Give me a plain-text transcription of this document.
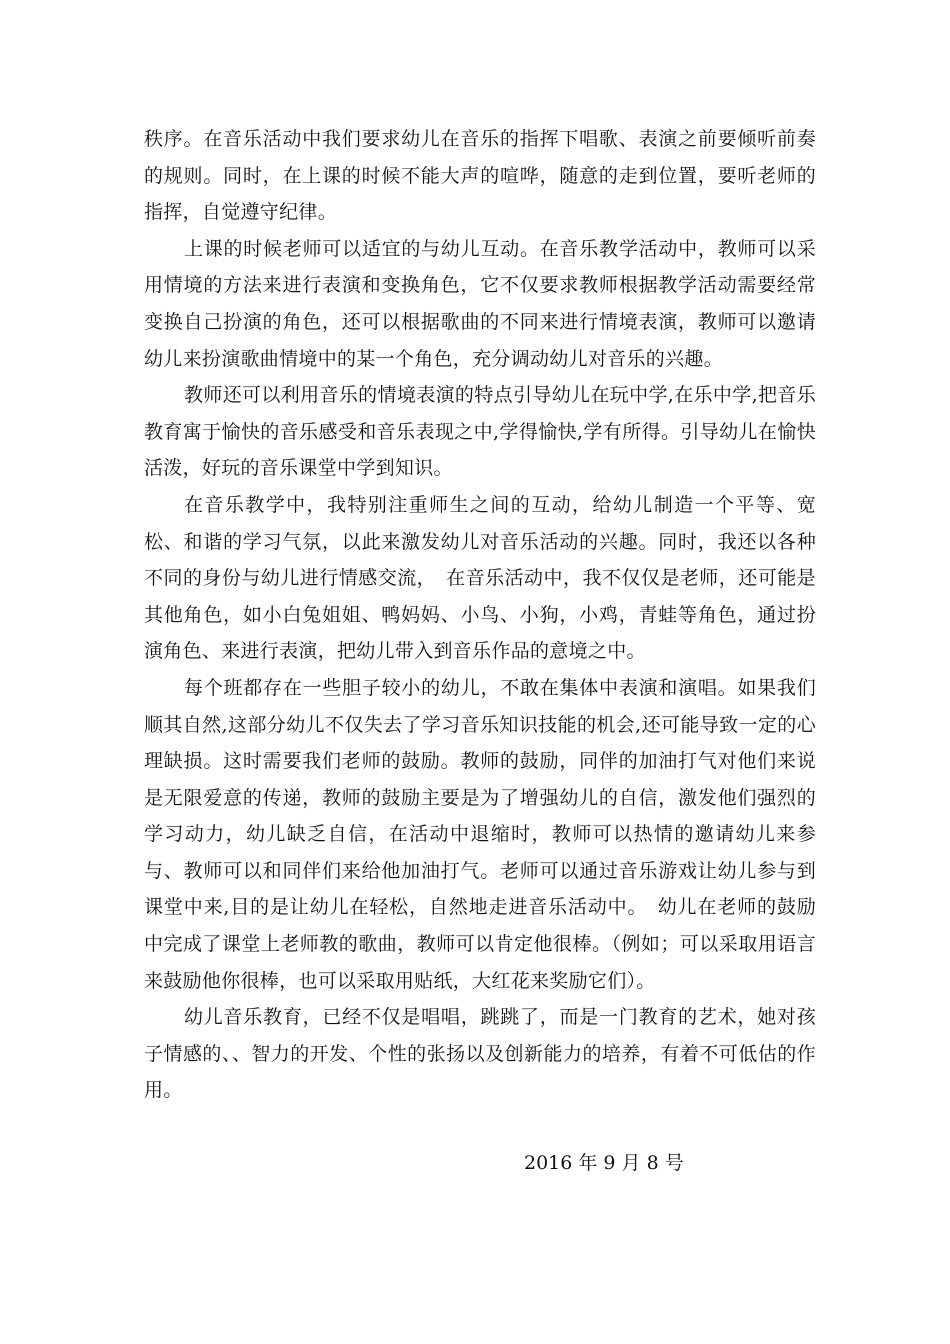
秩序。在音乐活动中我们要求幼儿在音乐的指挥下唱歌、表演之前要倾听前奏的规则。同时，在上课的时候不能大声的喧哗，随意的走到位置，要听老师的指挥，自觉遵守纪律。

上课的时候老师可以适宜的与幼儿互动。在音乐教学活动中，教师可以采用情境的方法来进行表演和变换角色，它不仅要求教师根据教学活动需要经常变换自己扮演的角色，还可以根据歌曲的不同来进行情境表演，教师可以邀请幼儿来扮演歌曲情境中的某一个角色，充分调动幼儿对音乐的兴趣。

教师还可以利用音乐的情境表演的特点引导幼儿在玩中学,在乐中学,把音乐教育寓于愉快的音乐感受和音乐表现之中,学得愉快,学有所得。引导幼儿在愉快活泼，好玩的音乐课堂中学到知识。

在音乐教学中，我特别注重师生之间的互动，给幼儿制造一个平等、宽松、和谐的学习气氛，以此来激发幼儿对音乐活动的兴趣。同时，我还以各种不同的身份与幼儿进行情感交流，　在音乐活动中，我不仅仅是老师，还可能是其他角色，如小白兔姐姐、鸭妈妈、小鸟、小狗，小鸡，青蛙等角色，通过扮演角色、来进行表演，把幼儿带入到音乐作品的意境之中。

每个班都存在一些胆子较小的幼儿，不敢在集体中表演和演唱。如果我们顺其自然,这部分幼儿不仅失去了学习音乐知识技能的机会,还可能导致一定的心理缺损。这时需要我们老师的鼓励。教师的鼓励，同伴的加油打气对他们来说是无限爱意的传递，教师的鼓励主要是为了增强幼儿的自信，激发他们强烈的学习动力，幼儿缺乏自信，在活动中退缩时，教师可以热情的邀请幼儿来参与、教师可以和同伴们来给他加油打气。老师可以通过音乐游戏让幼儿参与到课堂中来,目的是让幼儿在轻松，自然地走进音乐活动中。　幼儿在老师的鼓励中完成了课堂上老师教的歌曲，教师可以肯定他很棒。（例如；可以采取用语言来鼓励他你很棒，也可以采取用贴纸，大红花来奖励它们）。

幼儿音乐教育，已经不仅是唱唱，跳跳了，而是一门教育的艺术，她对孩子情感的、、智力的开发、个性的张扬以及创新能力的培养，有着不可低估的作用。

2016 年 9 月 8 号
